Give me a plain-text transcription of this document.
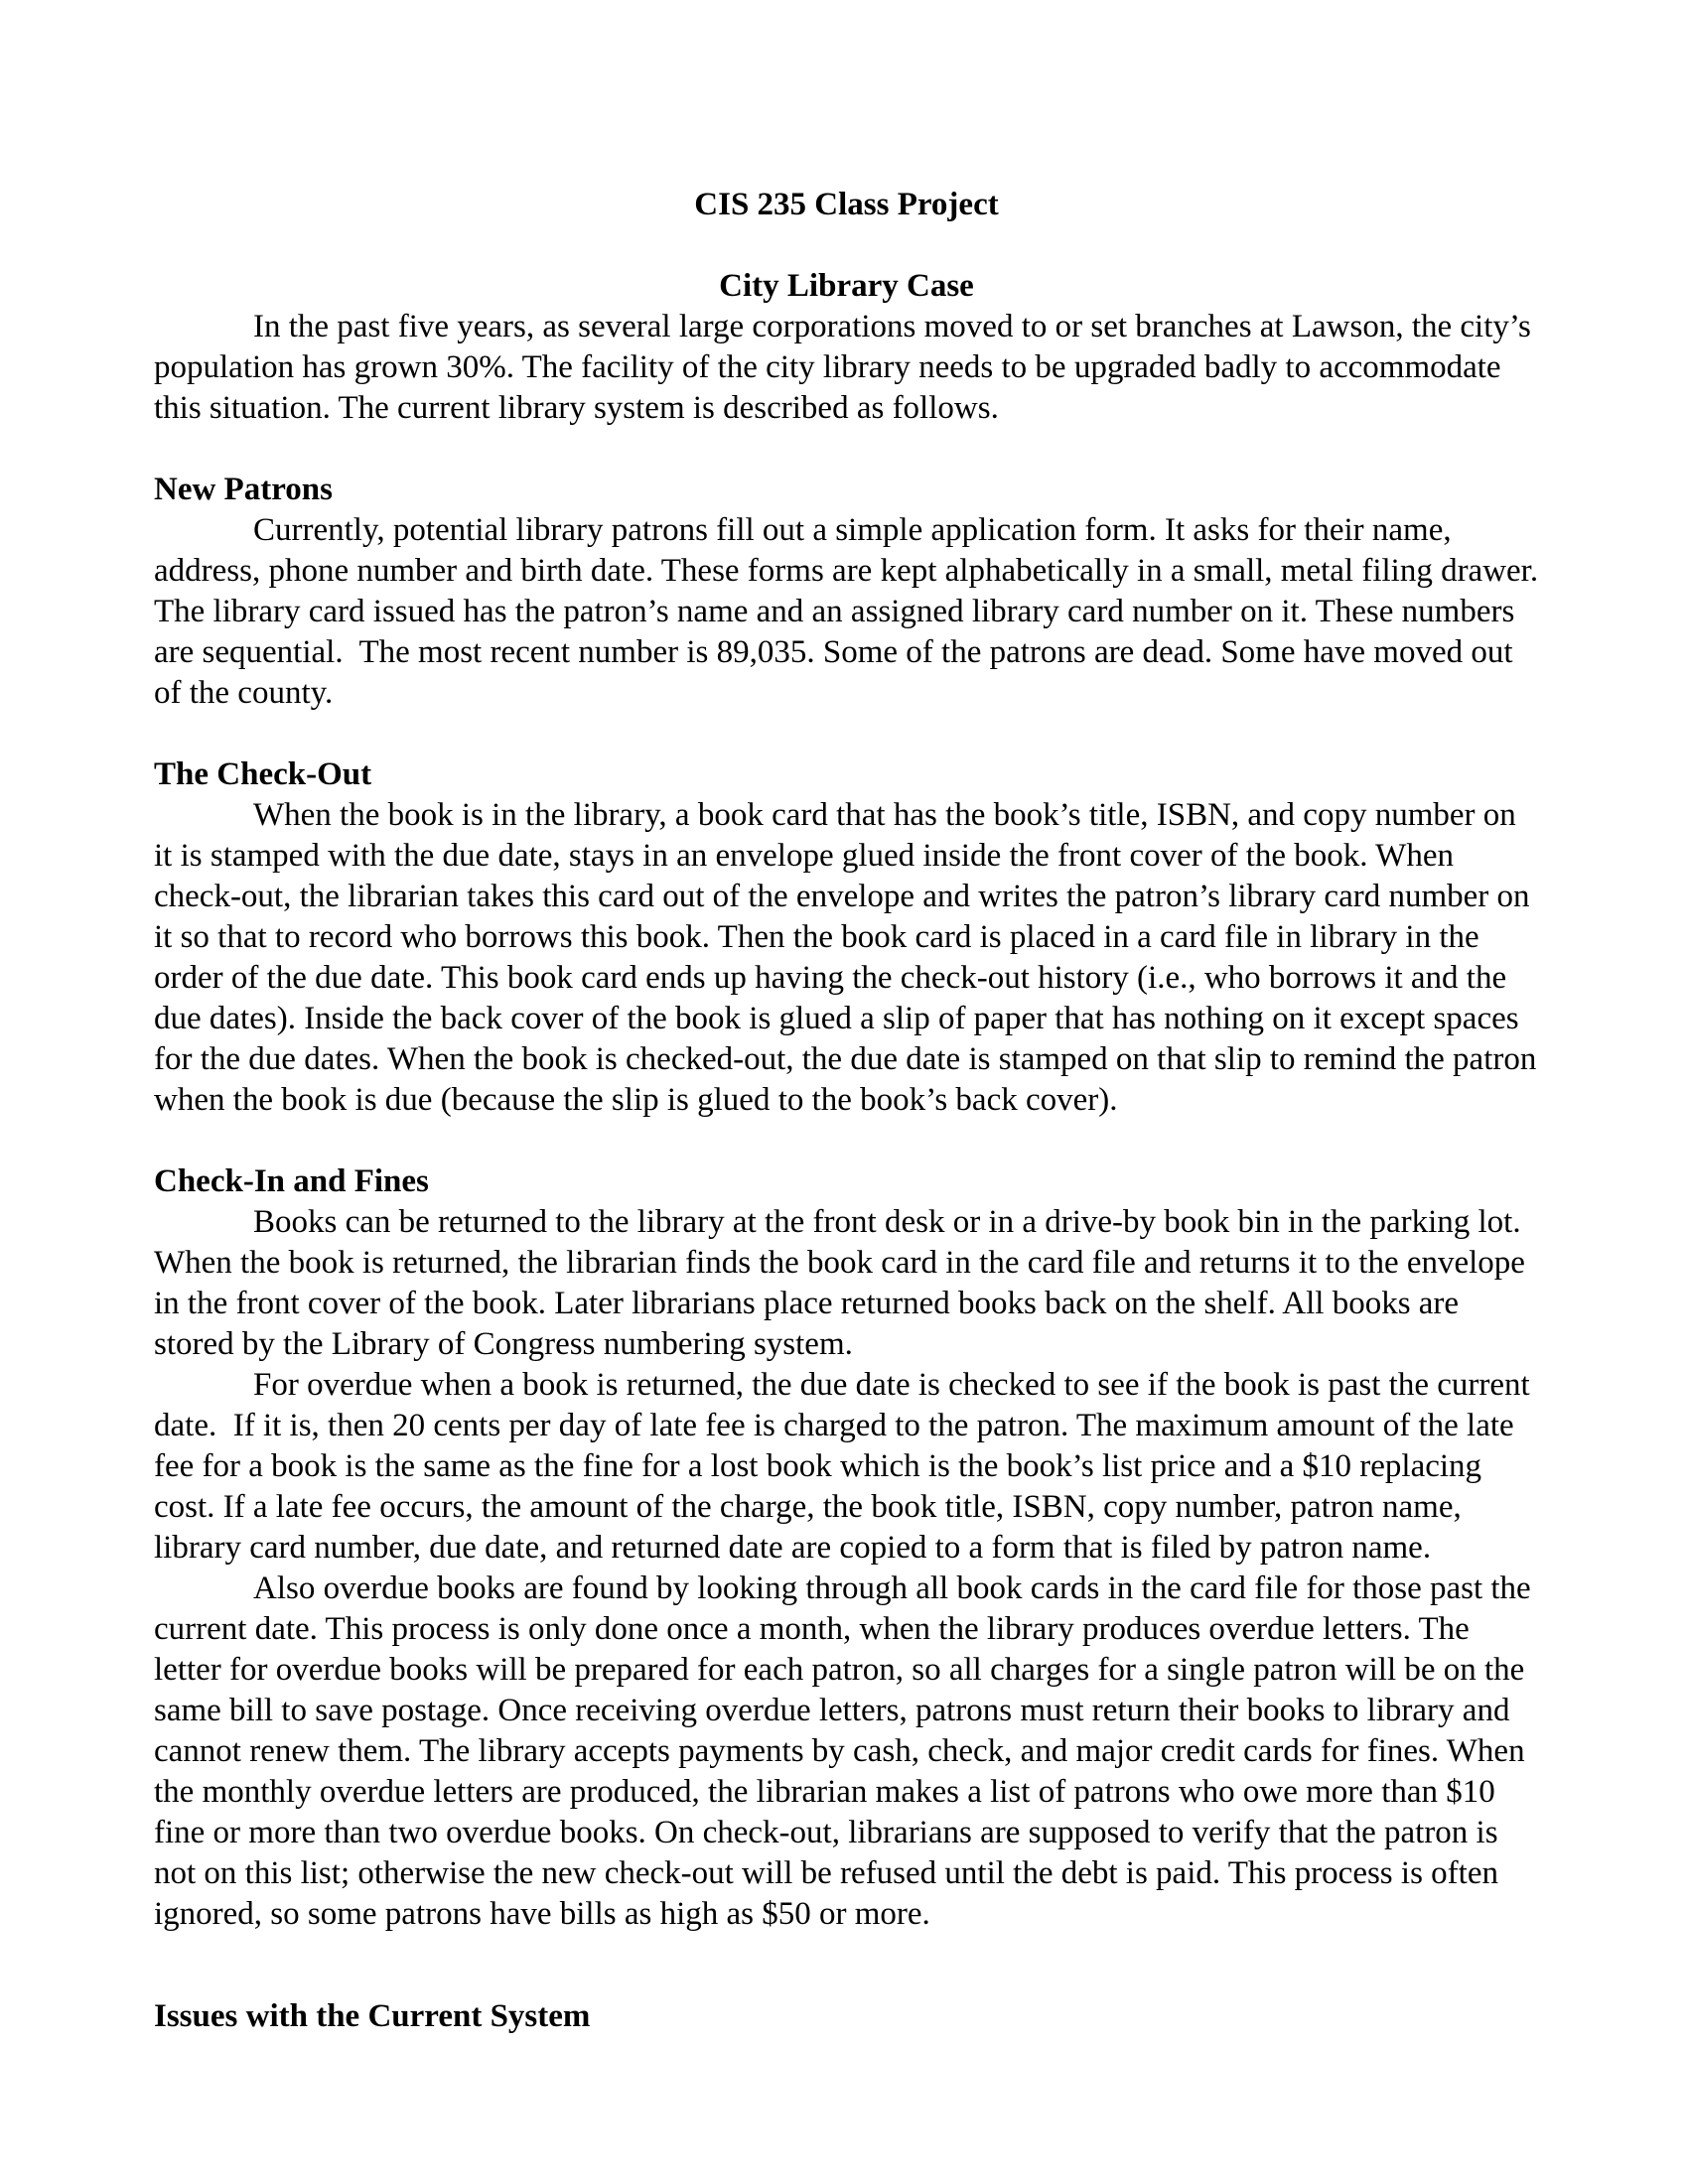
CIS 235 Class Project
City Library Case

In the past five years, as several large corporations moved to or set branches at Lawson, the city’s population has grown 30%. The facility of the city library needs to be upgraded badly to accommodate this situation. The current library system is described as follows.

New Patrons

Currently, potential library patrons fill out a simple application form. It asks for their name, address, phone number and birth date. These forms are kept alphabetically in a small, metal filing drawer. The library card issued has the patron’s name and an assigned library card number on it. These numbers are sequential.  The most recent number is 89,035. Some of the patrons are dead. Some have moved out of the county.

The Check-Out

When the book is in the library, a book card that has the book’s title, ISBN, and copy number on it is stamped with the due date, stays in an envelope glued inside the front cover of the book. When check-out, the librarian takes this card out of the envelope and writes the patron’s library card number on it so that to record who borrows this book. Then the book card is placed in a card file in library in the order of the due date. This book card ends up having the check-out history (i.e., who borrows it and the due dates). Inside the back cover of the book is glued a slip of paper that has nothing on it except spaces for the due dates. When the book is checked-out, the due date is stamped on that slip to remind the patron when the book is due (because the slip is glued to the book’s back cover).

Check-In and Fines

Books can be returned to the library at the front desk or in a drive-by book bin in the parking lot. When the book is returned, the librarian finds the book card in the card file and returns it to the envelope in the front cover of the book. Later librarians place returned books back on the shelf. All books are stored by the Library of Congress numbering system.

For overdue when a book is returned, the due date is checked to see if the book is past the current date.  If it is, then 20 cents per day of late fee is charged to the patron. The maximum amount of the late fee for a book is the same as the fine for a lost book which is the book’s list price and a $10 replacing cost. If a late fee occurs, the amount of the charge, the book title, ISBN, copy number, patron name, library card number, due date, and returned date are copied to a form that is filed by patron name.

Also overdue books are found by looking through all book cards in the card file for those past the current date. This process is only done once a month, when the library produces overdue letters. The letter for overdue books will be prepared for each patron, so all charges for a single patron will be on the same bill to save postage. Once receiving overdue letters, patrons must return their books to library and cannot renew them. The library accepts payments by cash, check, and major credit cards for fines. When the monthly overdue letters are produced, the librarian makes a list of patrons who owe more than $10 fine or more than two overdue books. On check-out, librarians are supposed to verify that the patron is not on this list; otherwise the new check-out will be refused until the debt is paid. This process is often ignored, so some patrons have bills as high as $50 or more.

Issues with the Current System
